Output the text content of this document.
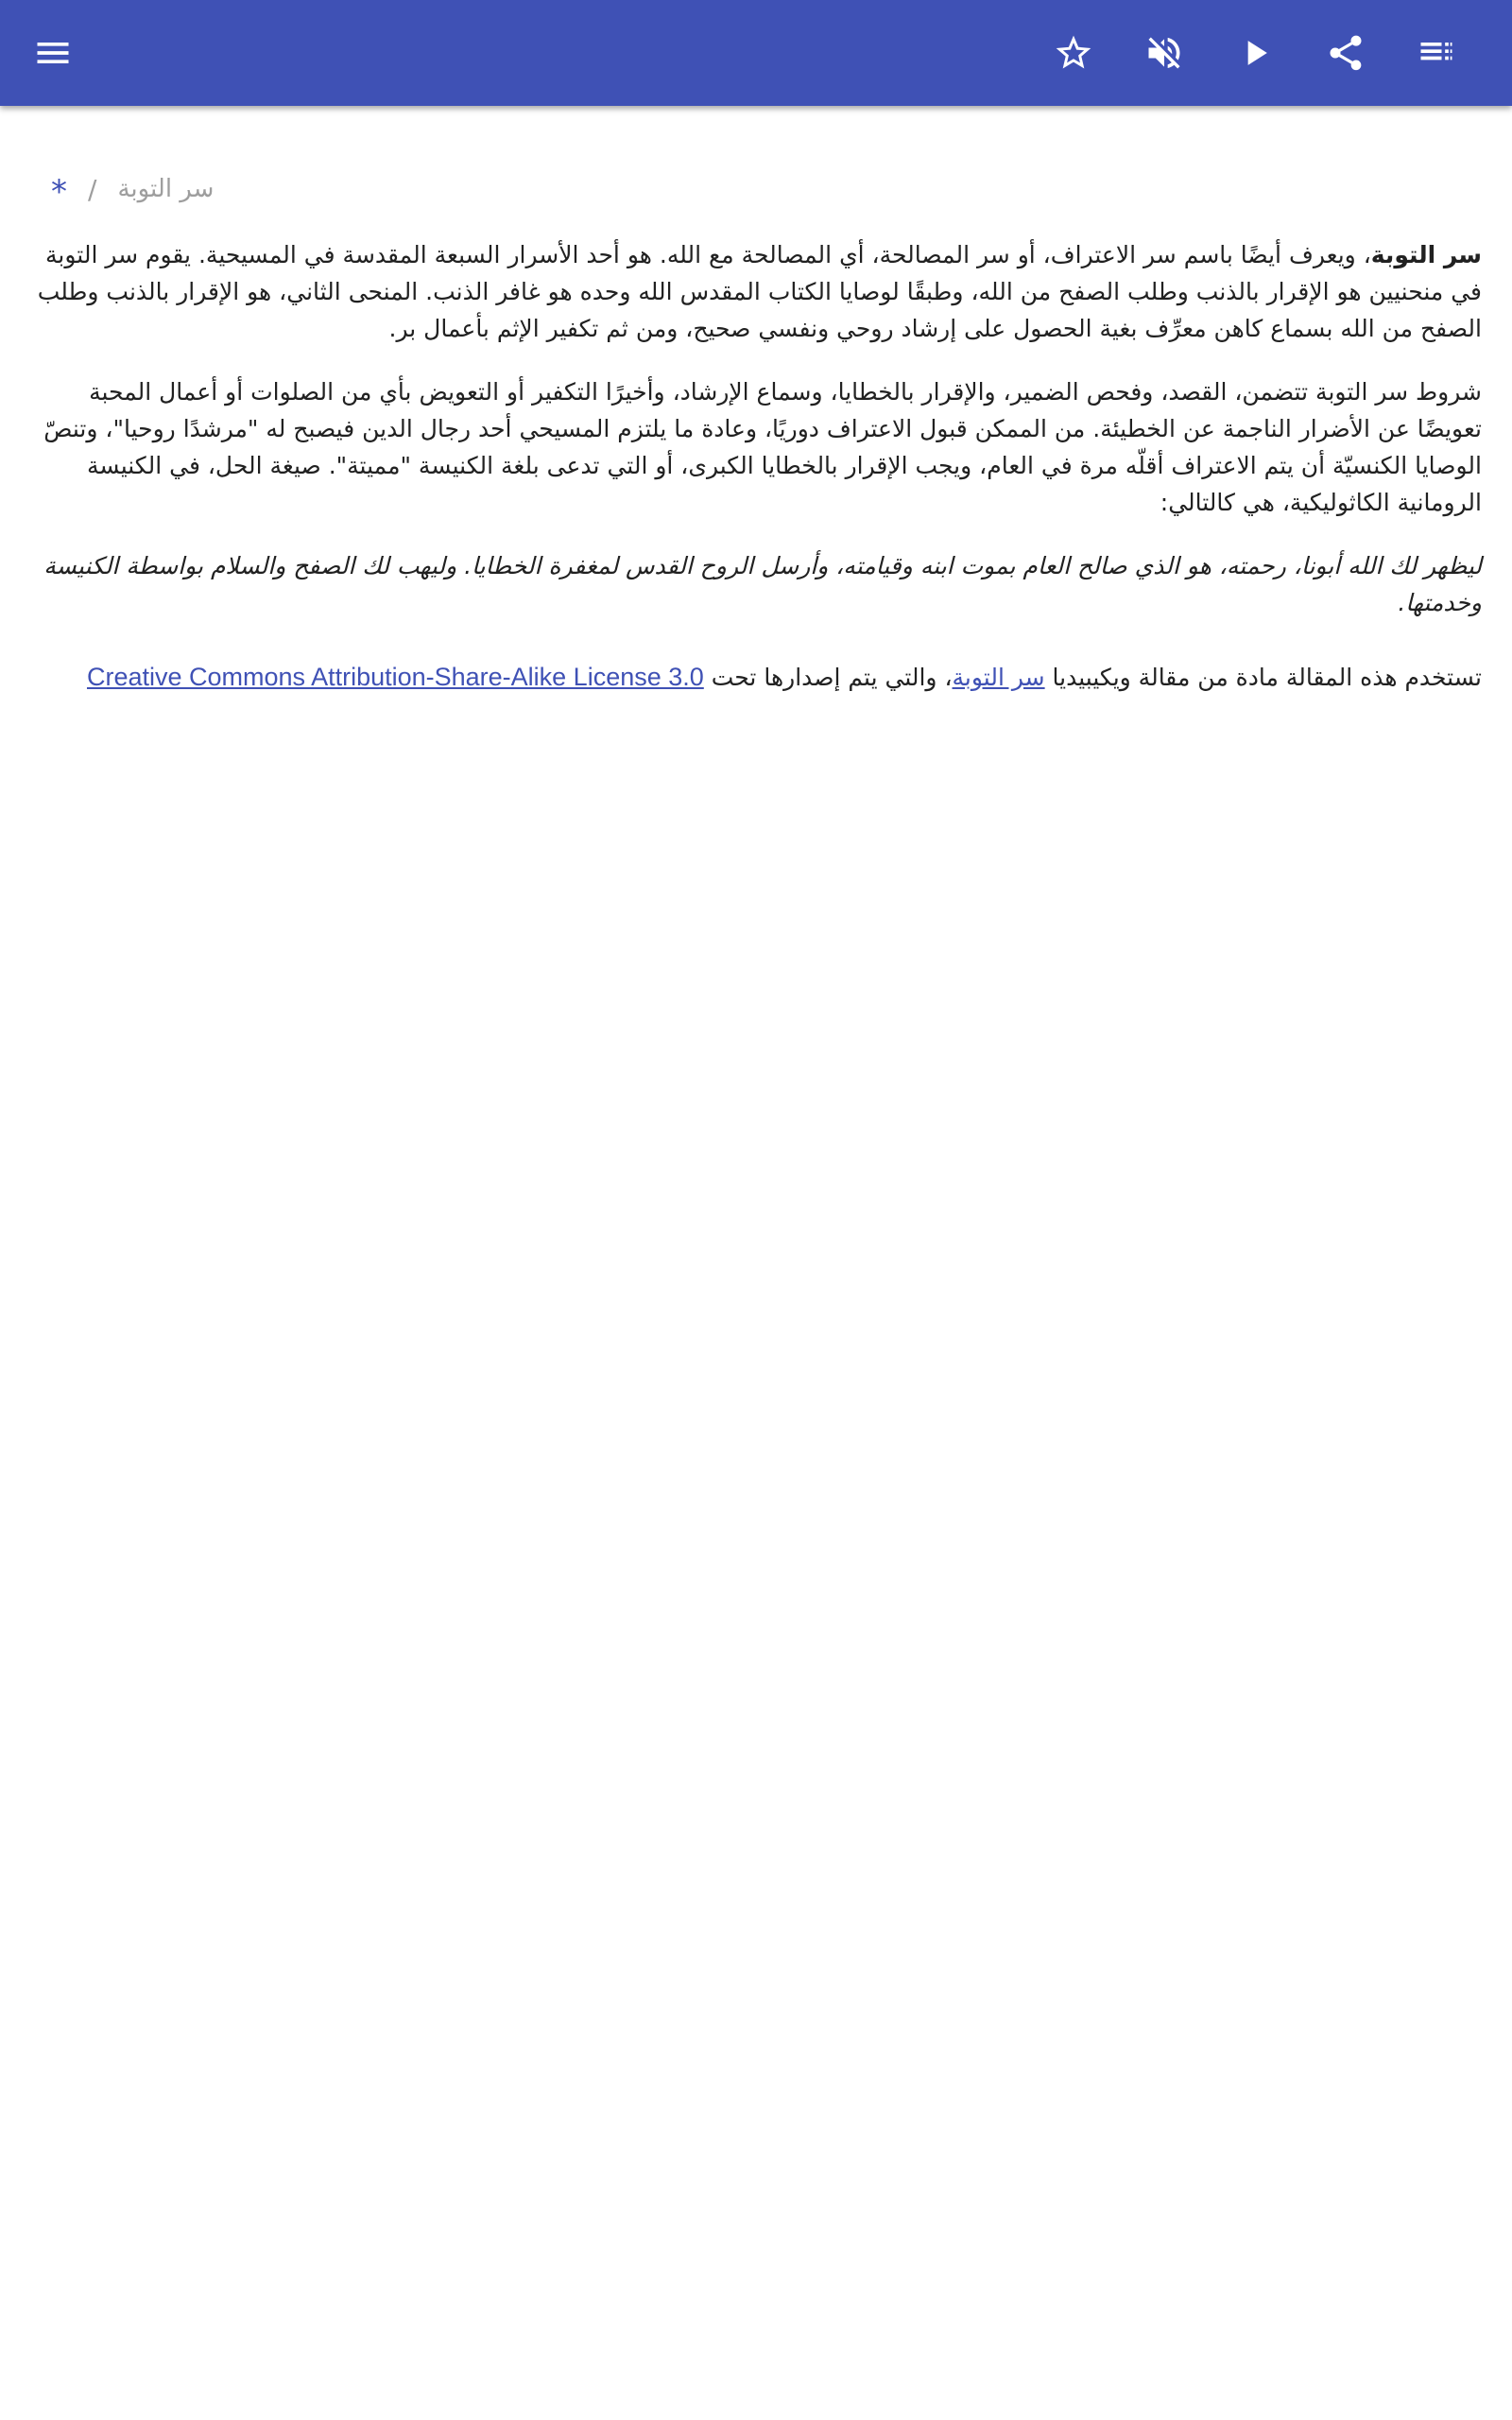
* / سر التوبة

سر التوبة، ويعرف أيضًا باسم سر الاعتراف، أو سر المصالحة، أي المصالحة مع الله. هو أحد الأسرار السبعة المقدسة في المسيحية. يقوم سر التوبة في منحنيين هو الإقرار بالذنب وطلب الصفح من الله، وطبقًا لوصايا الكتاب المقدس الله وحده هو غافر الذنب. المنحى الثاني، هو الإقرار بالذنب وطلب الصفح من الله بسماع كاهن معرِّف بغية الحصول على إرشاد روحي ونفسي صحيح، ومن ثم تكفير الإثم بأعمال بر.

شروط سر التوبة تتضمن، القصد، وفحص الضمير، والإقرار بالخطايا، وسماع الإرشاد، وأخيرًا التكفير أو التعويض بأي من الصلوات أو أعمال المحبة تعويضًا عن الأضرار الناجمة عن الخطيئة. من الممكن قبول الاعتراف دوريًا، وعادة ما يلتزم المسيحي أحد رجال الدين فيصبح له "مرشدًا روحيا"، وتنصّ الوصايا الكنسيّة أن يتم الاعتراف أقلّه مرة في العام، ويجب الإقرار بالخطايا الكبرى، أو التي تدعى بلغة الكنيسة "مميتة". صيغة الحل، في الكنيسة الرومانية الكاثوليكية، هي كالتالي:

ليظهر لك الله أبونا، رحمته، هو الذي صالح العام بموت ابنه وقيامته، وأرسل الروح القدس لمغفرة الخطايا. وليهب لك الصفح والسلام بواسطة الكنيسة وخدمتها.

تستخدم هذه المقالة مادة من مقالة ويكيبيديا سر التوبة، والتي يتم إصدارها تحت Creative Commons Attribution-Share-Alike License 3.0
